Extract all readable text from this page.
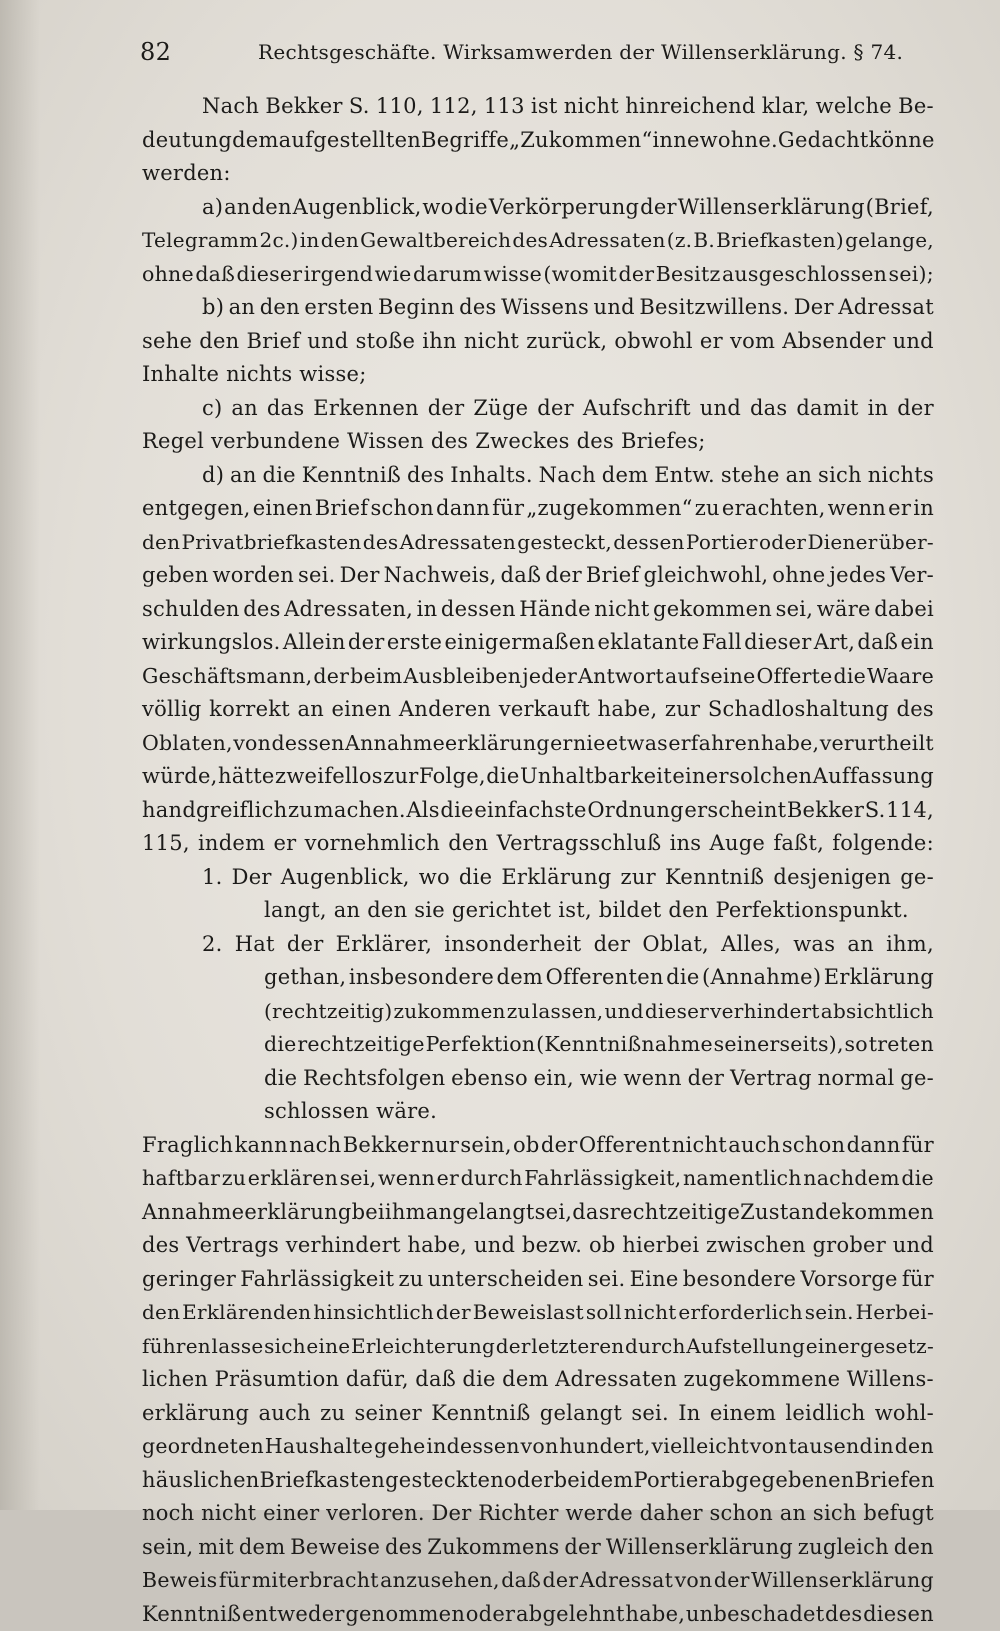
82	Rechtsgeschäfte. Wirksamwerden der Willenserklärung. § 74.
Nach Bekker S. 110, 112, 113 ist nicht hinreichend klar, welche Be-
deutung dem aufgestellten Begriffe „Zukommen“ innewohne. Gedacht könne
werden:
a) an den Augenblick, wo die Verkörperung der Willenserklärung (Brief,
Telegramm 2c.) in den Gewaltbereich des Adressaten (z. B. Briefkasten) gelange,
ohne daß dieser irgend wie darum wisse (womit der Besitz ausgeschlossen sei);
b) an den ersten Beginn des Wissens und Besitzwillens. Der Adressat
sehe den Brief und stoße ihn nicht zurück, obwohl er vom Absender und
Inhalte nichts wisse;
c) an das Erkennen der Züge der Aufschrift und das damit in der
Regel verbundene Wissen des Zweckes des Briefes;
d) an die Kenntniß des Inhalts. Nach dem Entw. stehe an sich nichts
entgegen, einen Brief schon dann für „zugekommen“ zu erachten, wenn er in
den Privatbriefkasten des Adressaten gesteckt, dessen Portier oder Diener über-
geben worden sei. Der Nachweis, daß der Brief gleichwohl, ohne jedes Ver-
schulden des Adressaten, in dessen Hände nicht gekommen sei, wäre dabei
wirkungslos. Allein der erste einigermaßen eklatante Fall dieser Art, daß ein
Geschäftsmann, der beim Ausbleiben jeder Antwort auf seine Offerte die Waare
völlig korrekt an einen Anderen verkauft habe, zur Schadloshaltung des
Oblaten, von dessen Annahmeerklärung er nie etwas erfahren habe, verurtheilt
würde, hätte zweifellos zur Folge, die Unhaltbarkeit einer solchen Auffassung
handgreiflich zu machen. Als die einfachste Ordnung erscheint Bekker S. 114,
115, indem er vornehmlich den Vertragsschluß ins Auge faßt, folgende:
1. Der Augenblick, wo die Erklärung zur Kenntniß desjenigen ge-
langt, an den sie gerichtet ist, bildet den Perfektionspunkt.
2. Hat der Erklärer, insonderheit der Oblat, Alles, was an ihm,
gethan, insbesondere dem Offerenten die (Annahme) Erklärung
(rechtzeitig) zukommen zu lassen, und dieser verhindert absichtlich
die rechtzeitige Perfektion (Kenntnißnahme seinerseits), so treten
die Rechtsfolgen ebenso ein, wie wenn der Vertrag normal ge-
schlossen wäre.
Fraglich kann nach Bekker nur sein, ob der Offerent nicht auch schon dann für
haftbar zu erklären sei, wenn er durch Fahrlässigkeit, namentlich nachdem die
Annahmeerklärung bei ihm angelangt sei, das rechtzeitige Zustandekommen
des Vertrags verhindert habe, und bezw. ob hierbei zwischen grober und
geringer Fahrlässigkeit zu unterscheiden sei. Eine besondere Vorsorge für
den Erklärenden hinsichtlich der Beweislast soll nicht erforderlich sein. Herbei-
führen lasse sich eine Erleichterung der letzteren durch Aufstellung einer gesetz-
lichen Präsumtion dafür, daß die dem Adressaten zugekommene Willens-
erklärung auch zu seiner Kenntniß gelangt sei. In einem leidlich wohl-
geordneten Haushalte gehe indessen von hundert, vielleicht von tausend in den
häuslichen Briefkasten gesteckten oder bei dem Portier abgegebenen Briefen
noch nicht einer verloren. Der Richter werde daher schon an sich befugt
sein, mit dem Beweise des Zukommens der Willenserklärung zugleich den
Beweis für miterbracht anzusehen, daß der Adressat von der Willenserklärung
Kenntniß entweder genommen oder abgelehnt habe, unbeschadet des diesen
